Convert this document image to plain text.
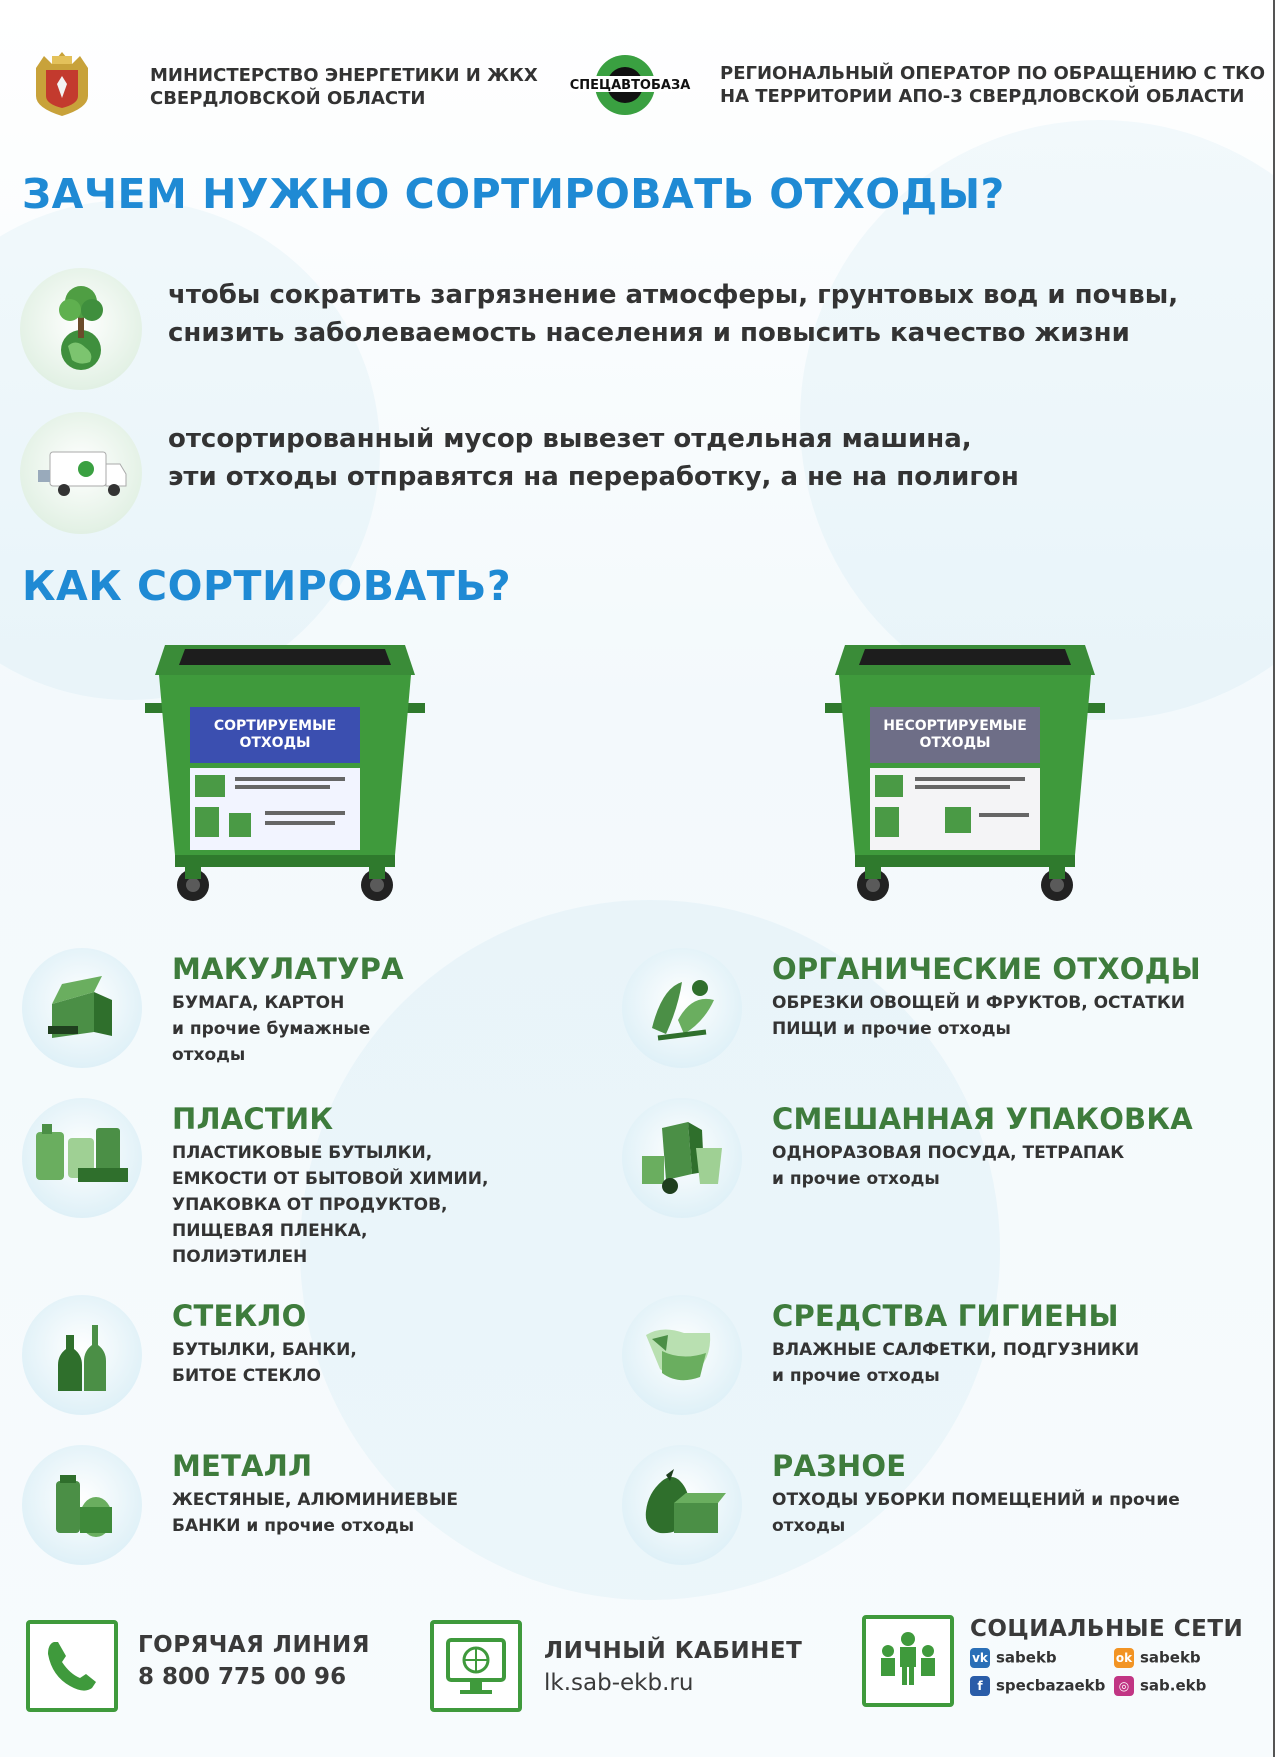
МИНИСТЕРСТВО ЭНЕРГЕТИКИ И ЖКХ
СВЕРДЛОВСКОЙ ОБЛАСТИ
СПЕЦАВТОБАЗА
РЕГИОНАЛЬНЫЙ ОПЕРАТОР ПО ОБРАЩЕНИЮ С ТКО
НА ТЕРРИТОРИИ АПО-3 СВЕРДЛОВСКОЙ ОБЛАСТИ
ЗАЧЕМ НУЖНО СОРТИРОВАТЬ ОТХОДЫ?
чтобы сократить загрязнение атмосферы, грунтовых вод и почвы,
снизить заболеваемость населения и повысить качество жизни
отсортированный мусор вывезет отдельная машина,
эти отходы отправятся на переработку, а не на полигон
КАК СОРТИРОВАТЬ?
СОРТИРУЕМЫЕ
ОТХОДЫ
НЕСОРТИРУЕМЫЕ
ОТХОДЫ
МАКУЛАТУРА
БУМАГА, КАРТОН
и прочие бумажные
отходы
ПЛАСТИК
ПЛАСТИКОВЫЕ БУТЫЛКИ,
ЕМКОСТИ ОТ БЫТОВОЙ ХИМИИ,
УПАКОВКА ОТ ПРОДУКТОВ,
ПИЩЕВАЯ ПЛЕНКА,
ПОЛИЭТИЛЕН
СТЕКЛО
БУТЫЛКИ, БАНКИ,
БИТОЕ СТЕКЛО
МЕТАЛЛ
ЖЕСТЯНЫЕ, АЛЮМИНИЕВЫЕ
БАНКИ и прочие отходы
ОРГАНИЧЕСКИЕ ОТХОДЫ
ОБРЕЗКИ ОВОЩЕЙ И ФРУКТОВ, ОСТАТКИ
ПИЩИ и прочие отходы
СМЕШАННАЯ УПАКОВКА
ОДНОРАЗОВАЯ ПОСУДА, ТЕТРАПАК
и прочие отходы
СРЕДСТВА ГИГИЕНЫ
ВЛАЖНЫЕ САЛФЕТКИ, ПОДГУЗНИКИ
и прочие отходы
РАЗНОЕ
ОТХОДЫ УБОРКИ ПОМЕЩЕНИЙ и прочие
отходы
ГОРЯЧАЯ ЛИНИЯ
8 800 775 00 96
ЛИЧНЫЙ КАБИНЕТ
lk.sab-ekb.ru
СОЦИАЛЬНЫЕ СЕТИ
vk sabekb
f specbazaekb
ok sabekb
◎ sab.ekb
